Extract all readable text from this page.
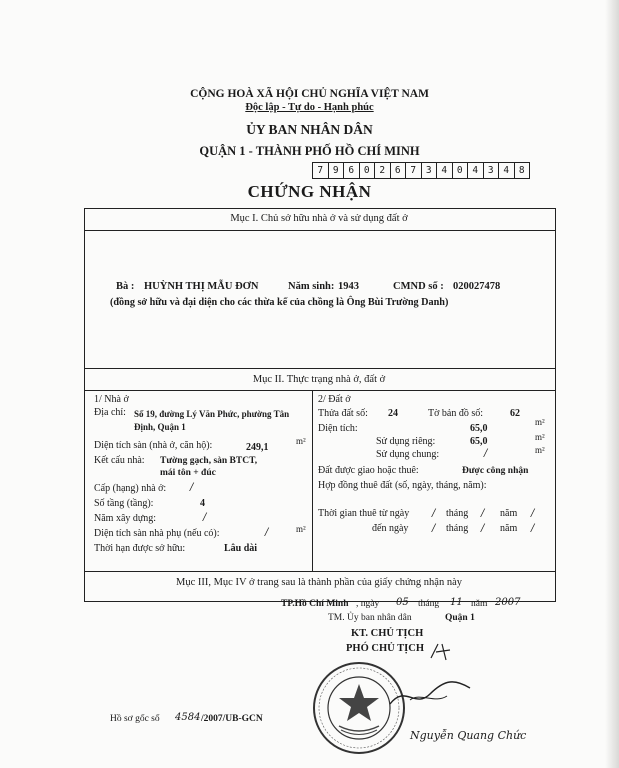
CỘNG HOÀ XÃ HỘI CHỦ NGHĨA VIỆT NAM
Độc lập - Tự do - Hạnh phúc
ỦY BAN NHÂN DÂN
QUẬN 1 - THÀNH PHỐ HỒ CHÍ MINH
7	9	6	0	2	6	7	3	4	0	4	3	4	8
CHỨNG NHẬN
Mục I. Chủ sở hữu nhà ở và sử dụng đất ở
Bà : HUỲNH THỊ MẪU ĐƠN	Năm sinh: 1943	CMND số : 020027478
(đồng sở hữu và đại diện cho các thừa kế của chồng là Ông Bùi Trường Danh)
Mục II. Thực trạng nhà ở, đất ở
1/ Nhà ở
Địa chỉ: Số 19, đường Lý Văn Phức, phường Tân
Định, Quận 1
Diện tích sàn (nhà ở, căn hộ):	249,1
m²
Kết cấu nhà: Tường gạch, sàn BTCT,
mái tôn + đúc
Cấp (hạng) nhà ở: /
Số tầng (tầng):	4
Năm xây dựng:	/
Diện tích sàn nhà phụ (nếu có):	/	m²
Thời hạn được sở hữu:	Lâu dài
2/ Đất ở
Thửa đất số: 24	Tờ bản đồ số:	62
Diện tích:	65,0
m²
Sử dụng riêng:	65,0	m²
Sử dụng chung:	/	m²
Đất được giao hoặc thuê:	Được công nhận
Hợp đồng thuê đất (số, ngày, tháng, năm):
Thời gian thuê từ ngày / tháng / năm /
đến ngày / tháng / năm /
Mục III, Mục IV ở trang sau là thành phần của giấy chứng nhận này
TP.Hồ Chí Minh , ngày 05 tháng 11 năm 2007
TM. Ủy ban nhân dân	Quận 1
KT. CHỦ TỊCH
PHÓ CHỦ TỊCH
Nguyễn Quang Chức
Hồ sơ gốc số 4584 /2007/UB-GCN
